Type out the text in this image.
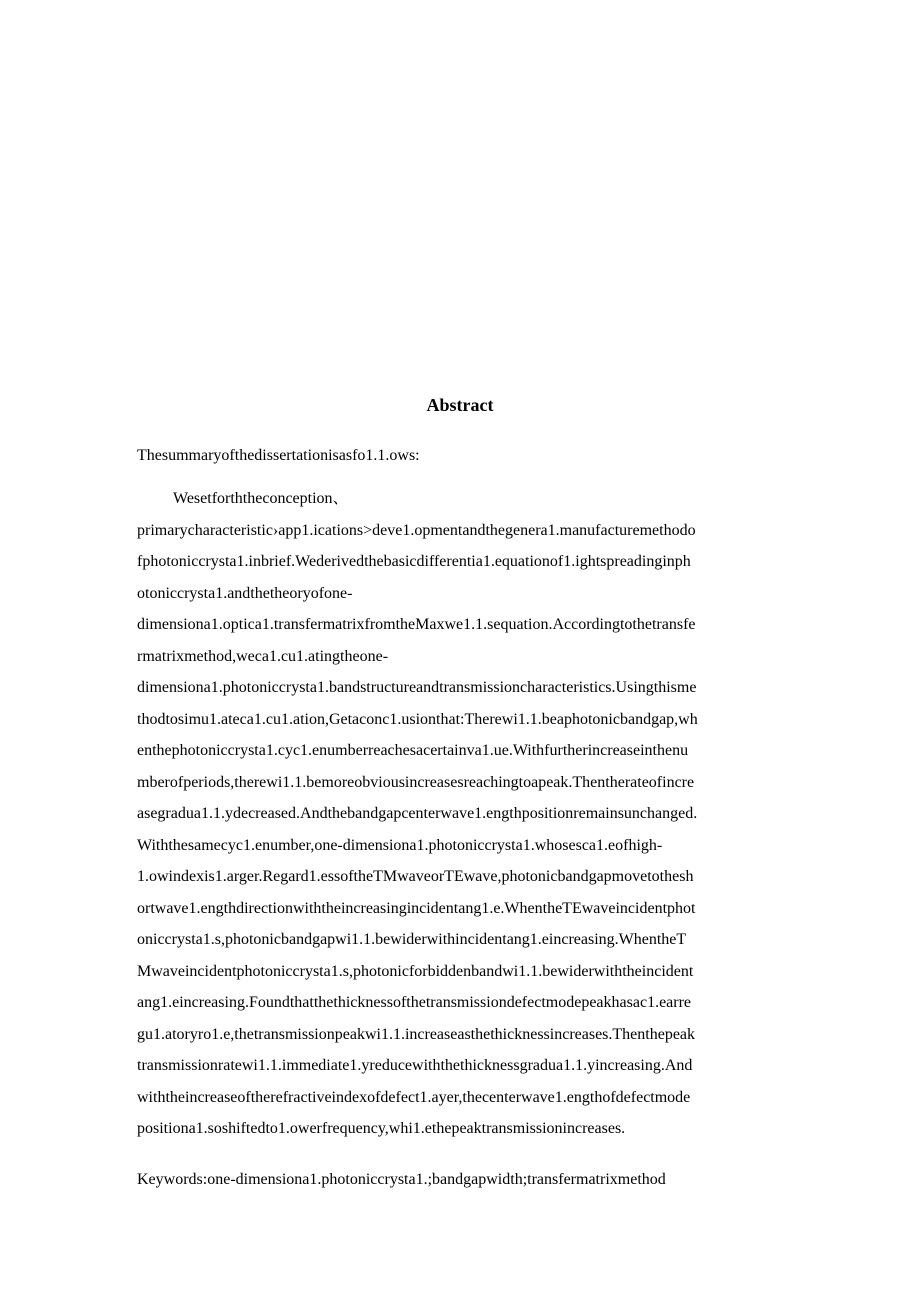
Abstract
Thesummaryofthedissertationisasfo1.1.ows:
Wesetforththeconception、
primarycharacteristic›app1.ications>deve1.opmentandthegenera1.manufacturemethodo
fphotoniccrysta1.inbrief.Wederivedthebasicdifferentia1.equationof1.ightspreadinginph
otoniccrysta1.andthetheoryofone-
dimensiona1.optica1.transfermatrixfromtheMaxwe1.1.sequation.Accordingtothetransfe
rmatrixmethod,weca1.cu1.atingtheone-
dimensiona1.photoniccrysta1.bandstructureandtransmissioncharacteristics.Usingthisme
thodtosimu1.ateca1.cu1.ation,Getaconc1.usionthat:Therewi1.1.beaphotonicbandgap,wh
enthephotoniccrysta1.cyc1.enumberreachesacertainva1.ue.Withfurtherincreaseinthenu
mberofperiods,therewi1.1.bemoreobviousincreasesreachingtoapeak.Thentherateofincre
asegradua1.1.ydecreased.Andthebandgapcenterwave1.engthpositionremainsunchanged.
Withthesamecyc1.enumber,one-dimensiona1.photoniccrysta1.whosesca1.eofhigh-
1.owindexis1.arger.Regard1.essoftheTMwaveorTEwave,photonicbandgapmovetothesh
ortwave1.engthdirectionwiththeincreasingincidentang1.e.WhentheTEwaveincidentphot
oniccrysta1.s,photonicbandgapwi1.1.bewiderwithincidentang1.eincreasing.WhentheT
Mwaveincidentphotoniccrysta1.s,photonicforbiddenbandwi1.1.bewiderwiththeincident
ang1.eincreasing.Foundthatthethicknessofthetransmissiondefectmodepeakhasac1.earre
gu1.atoryro1.e,thetransmissionpeakwi1.1.increaseasthethicknessincreases.Thenthepeak
transmissionratewi1.1.immediate1.yreducewiththethicknessgradua1.1.yincreasing.And
withtheincreaseoftherefractiveindexofdefect1.ayer,thecenterwave1.engthofdefectmode
positiona1.soshiftedto1.owerfrequency,whi1.ethepeaktransmissionincreases.
Keywords:one-dimensiona1.photoniccrysta1.;bandgapwidth;transfermatrixmethod
